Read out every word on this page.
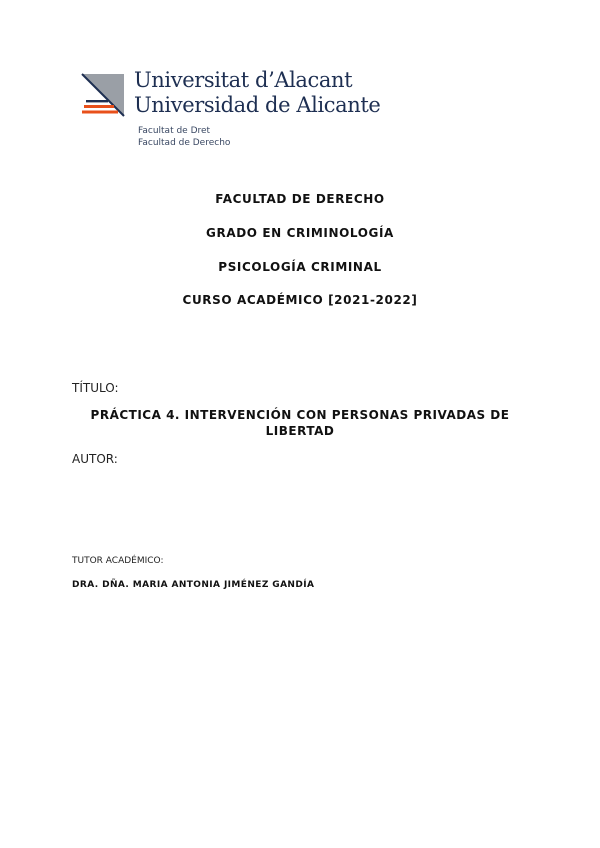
Universitat d’Alacant
Universidad de Alicante
Facultat de Dret
Facultad de Derecho
FACULTAD DE DERECHO
GRADO EN CRIMINOLOGÍA
PSICOLOGÍA CRIMINAL
CURSO ACADÉMICO [2021-2022]
TÍTULO:
PRÁCTICA 4. INTERVENCIÓN CON PERSONAS PRIVADAS DE LIBERTAD
AUTOR:
TUTOR ACADÉMICO:
DRA. DÑA. MARIA ANTONIA JIMÉNEZ GANDÍA
